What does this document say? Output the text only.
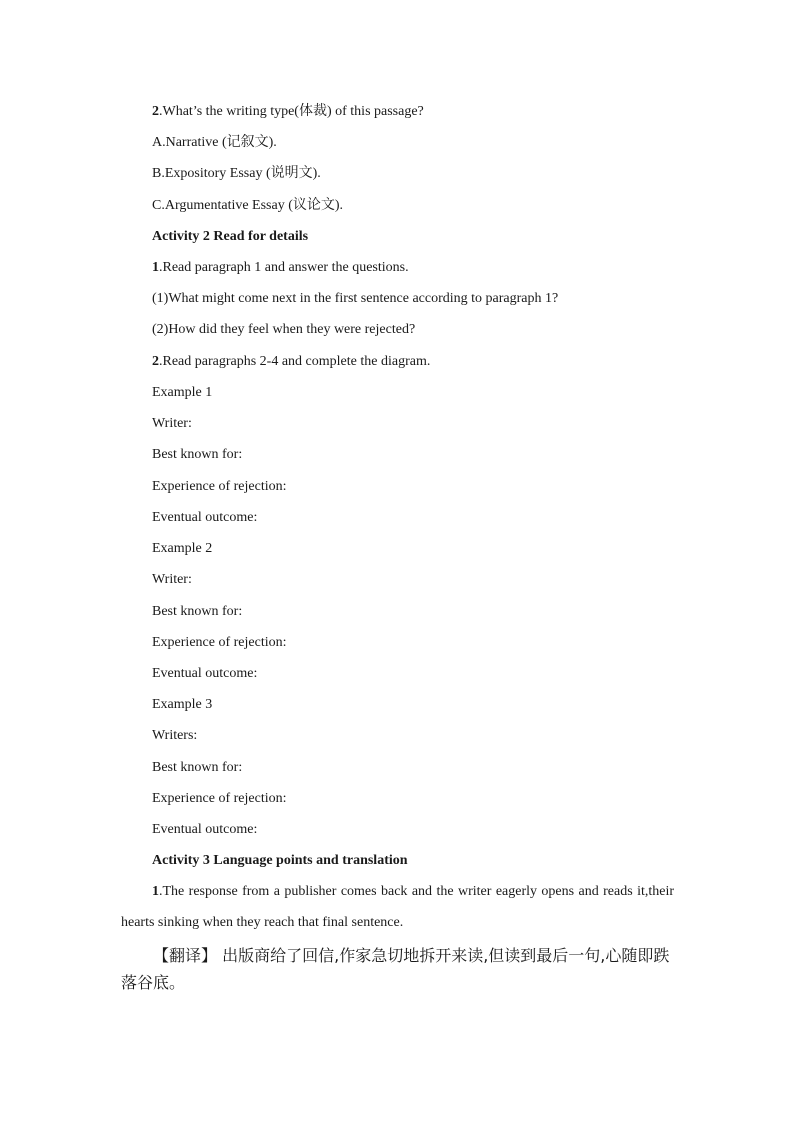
2.What’s the writing type(体裁) of this passage?
A.Narrative (记叙文).
B.Expository Essay (说明文).
C.Argumentative Essay (议论文).
Activity 2 Read for details
1.Read paragraph 1 and answer the questions.
(1)What might come next in the first sentence according to paragraph 1?
(2)How did they feel when they were rejected?
2.Read paragraphs 2-4 and complete the diagram.
Example 1
Writer:
Best known for:
Experience of rejection:
Eventual outcome:
Example 2
Writer:
Best known for:
Experience of rejection:
Eventual outcome:
Example 3
Writers:
Best known for:
Experience of rejection:
Eventual outcome:
Activity 3 Language points and translation
1.The response from a publisher comes back and the writer eagerly opens and reads it,their hearts sinking when they reach that final sentence.
【翻译】 出版商给了回信,作家急切地拆开来读,但读到最后一句,心随即跌落谷底。
